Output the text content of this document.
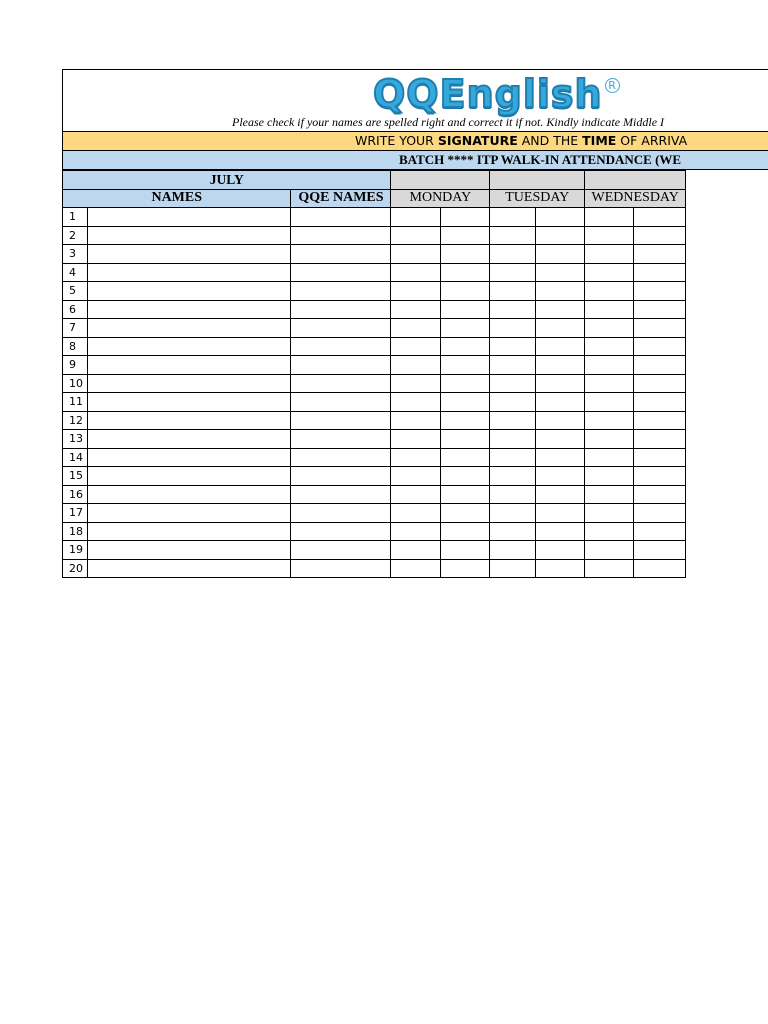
QQEnglish R
Please check if your names are spelled right and correct it if not. Kindly indicate Middle I
WRITE YOUR SIGNATURE AND THE TIME OF ARRIVA
BATCH **** ITP WALK-IN ATTENDANCE (WE
JULY									
NAMES		QQE NAMES	MONDAY		TUESDAY		WEDNESDAY		
1									
2									
3									
4									
5									
6									
7									
8									
9									
10									
11									
12									
13									
14									
15									
16									
17									
18									
19									
20									
